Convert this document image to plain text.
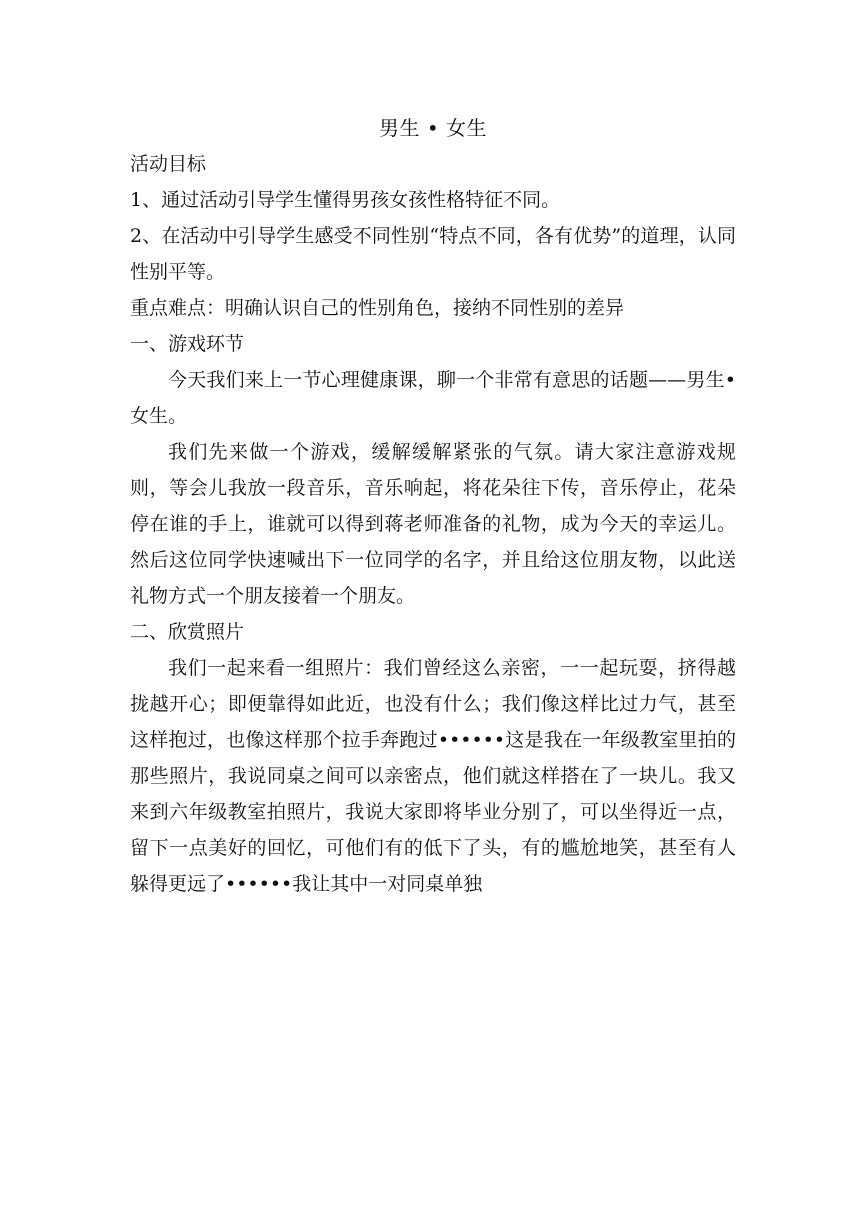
男生 • 女生

活动目标

1、通过活动引导学生懂得男孩女孩性格特征不同。

2、在活动中引导学生感受不同性别“特点不同，各有优势”的道理，认同性别平等。

重点难点：明确认识自己的性别角色，接纳不同性别的差异

一、游戏环节

今天我们来上一节心理健康课，聊一个非常有意思的话题——男生•女生。

我们先来做一个游戏，缓解缓解紧张的气氛。请大家注意游戏规则，等会儿我放一段音乐，音乐响起，将花朵往下传，音乐停止，花朵停在谁的手上，谁就可以得到蒋老师准备的礼物，成为今天的幸运儿。然后这位同学快速喊出下一位同学的名字，并且给这位朋友物，以此送礼物方式一个朋友接着一个朋友。

二、欣赏照片

我们一起来看一组照片：我们曾经这么亲密，一一起玩耍，挤得越拢越开心；即便靠得如此近，也没有什么；我们像这样比过力气，甚至这样抱过，也像这样那个拉手奔跑过••••••这是我在一年级教室里拍的那些照片，我说同桌之间可以亲密点，他们就这样搭在了一块儿。我又来到六年级教室拍照片，我说大家即将毕业分别了，可以坐得近一点，留下一点美好的回忆，可他们有的低下了头，有的尴尬地笑，甚至有人躲得更远了••••••我让其中一对同桌单独
